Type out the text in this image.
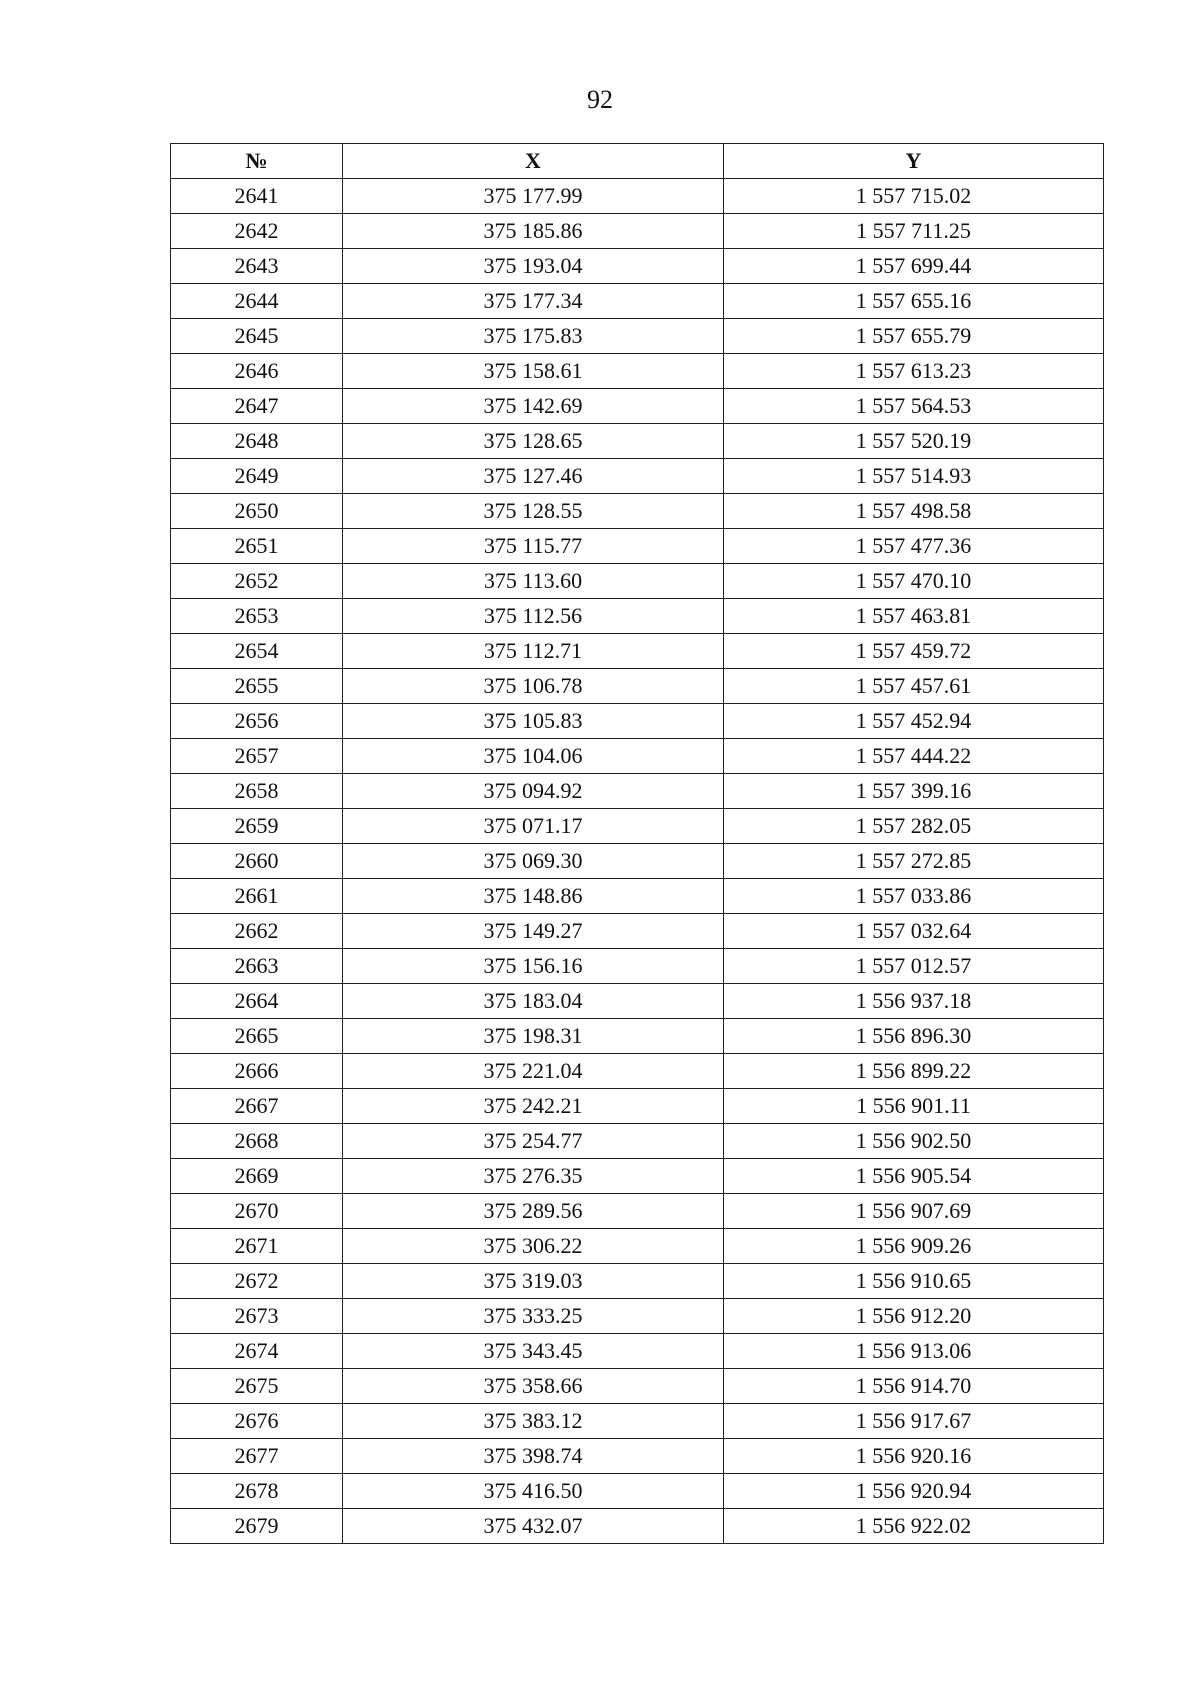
92
№	X	Y
2641	375 177.99	1 557 715.02
2642	375 185.86	1 557 711.25
2643	375 193.04	1 557 699.44
2644	375 177.34	1 557 655.16
2645	375 175.83	1 557 655.79
2646	375 158.61	1 557 613.23
2647	375 142.69	1 557 564.53
2648	375 128.65	1 557 520.19
2649	375 127.46	1 557 514.93
2650	375 128.55	1 557 498.58
2651	375 115.77	1 557 477.36
2652	375 113.60	1 557 470.10
2653	375 112.56	1 557 463.81
2654	375 112.71	1 557 459.72
2655	375 106.78	1 557 457.61
2656	375 105.83	1 557 452.94
2657	375 104.06	1 557 444.22
2658	375 094.92	1 557 399.16
2659	375 071.17	1 557 282.05
2660	375 069.30	1 557 272.85
2661	375 148.86	1 557 033.86
2662	375 149.27	1 557 032.64
2663	375 156.16	1 557 012.57
2664	375 183.04	1 556 937.18
2665	375 198.31	1 556 896.30
2666	375 221.04	1 556 899.22
2667	375 242.21	1 556 901.11
2668	375 254.77	1 556 902.50
2669	375 276.35	1 556 905.54
2670	375 289.56	1 556 907.69
2671	375 306.22	1 556 909.26
2672	375 319.03	1 556 910.65
2673	375 333.25	1 556 912.20
2674	375 343.45	1 556 913.06
2675	375 358.66	1 556 914.70
2676	375 383.12	1 556 917.67
2677	375 398.74	1 556 920.16
2678	375 416.50	1 556 920.94
2679	375 432.07	1 556 922.02
